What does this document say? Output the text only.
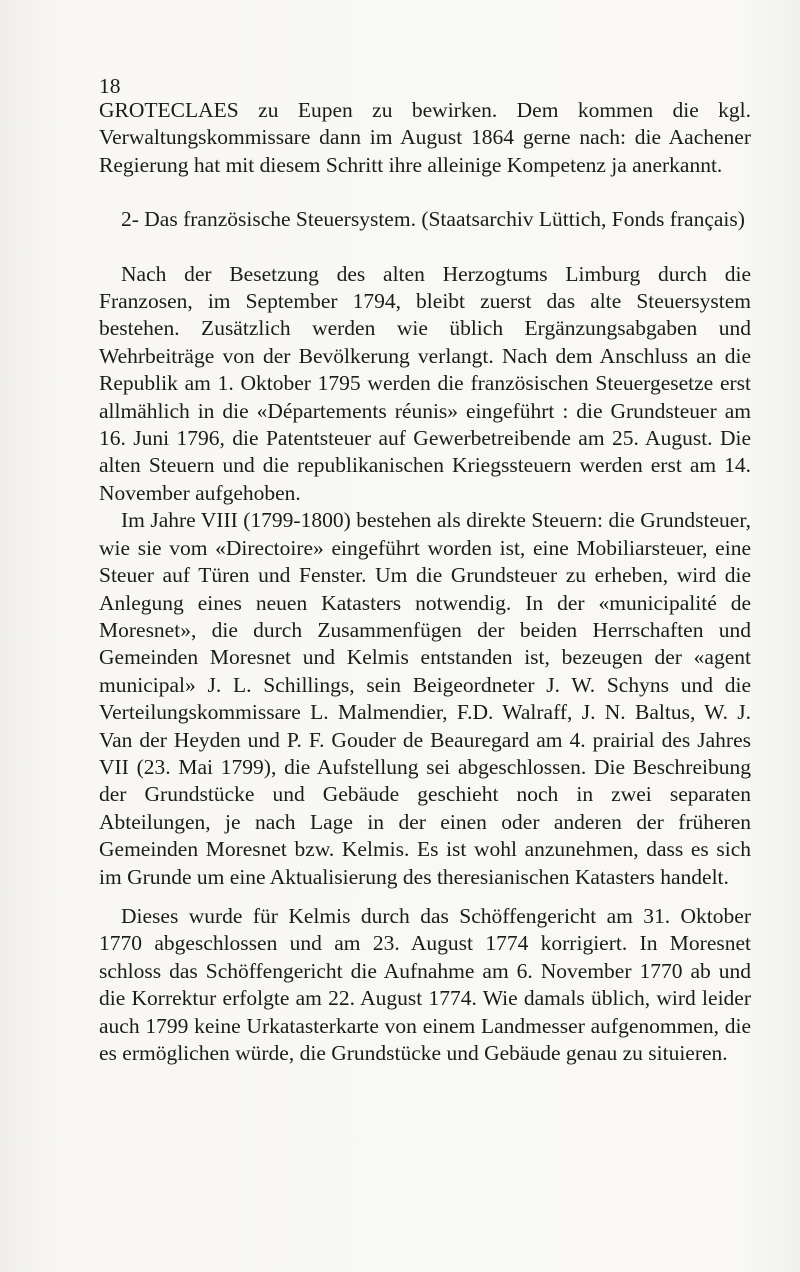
18

GROTECLAES zu Eupen zu bewirken. Dem kommen die kgl. Verwaltungskommissare dann im August 1864 gerne nach: die Aachener Regierung hat mit diesem Schritt ihre alleinige Kompetenz ja anerkannt.

2- Das französische Steuersystem. (Staatsarchiv Lüttich, Fonds français)

Nach der Besetzung des alten Herzogtums Limburg durch die Franzosen, im September 1794, bleibt zuerst das alte Steuersystem bestehen. Zusätzlich werden wie üblich Ergänzungsabgaben und Wehrbeiträge von der Bevölkerung verlangt. Nach dem Anschluss an die Republik am 1. Oktober 1795 werden die französischen Steuergesetze erst allmählich in die «Départements réunis» eingeführt : die Grundsteuer am 16. Juni 1796, die Patentsteuer auf Gewerbetreibende am 25. August. Die alten Steuern und die republikanischen Kriegssteuern werden erst am 14. November aufgehoben.

Im Jahre VIII (1799-1800) bestehen als direkte Steuern: die Grundsteuer, wie sie vom «Directoire» eingeführt worden ist, eine Mobiliarsteuer, eine Steuer auf Türen und Fenster. Um die Grundsteuer zu erheben, wird die Anlegung eines neuen Katasters notwendig. In der «municipalité de Moresnet», die durch Zusammenfügen der beiden Herrschaften und Gemeinden Moresnet und Kelmis entstanden ist, bezeugen der «agent municipal» J. L. Schillings, sein Beigeordneter J. W. Schyns und die Verteilungskommissare L. Malmendier, F.D. Walraff, J. N. Baltus, W. J. Van der Heyden und P. F. Gouder de Beauregard am 4. prairial des Jahres VII (23. Mai 1799), die Aufstellung sei abgeschlossen. Die Beschreibung der Grundstücke und Gebäude geschieht noch in zwei separaten Abteilungen, je nach Lage in der einen oder anderen der früheren Gemeinden Moresnet bzw. Kelmis. Es ist wohl anzunehmen, dass es sich im Grunde um eine Aktualisierung des theresianischen Katasters handelt.

Dieses wurde für Kelmis durch das Schöffengericht am 31. Oktober 1770 abgeschlossen und am 23. August 1774 korrigiert. In Moresnet schloss das Schöffengericht die Aufnahme am 6. November 1770 ab und die Korrektur erfolgte am 22. August 1774. Wie damals üblich, wird leider auch 1799 keine Urkatasterkarte von einem Landmesser aufgenommen, die es ermöglichen würde, die Grundstücke und Gebäude genau zu situieren.
